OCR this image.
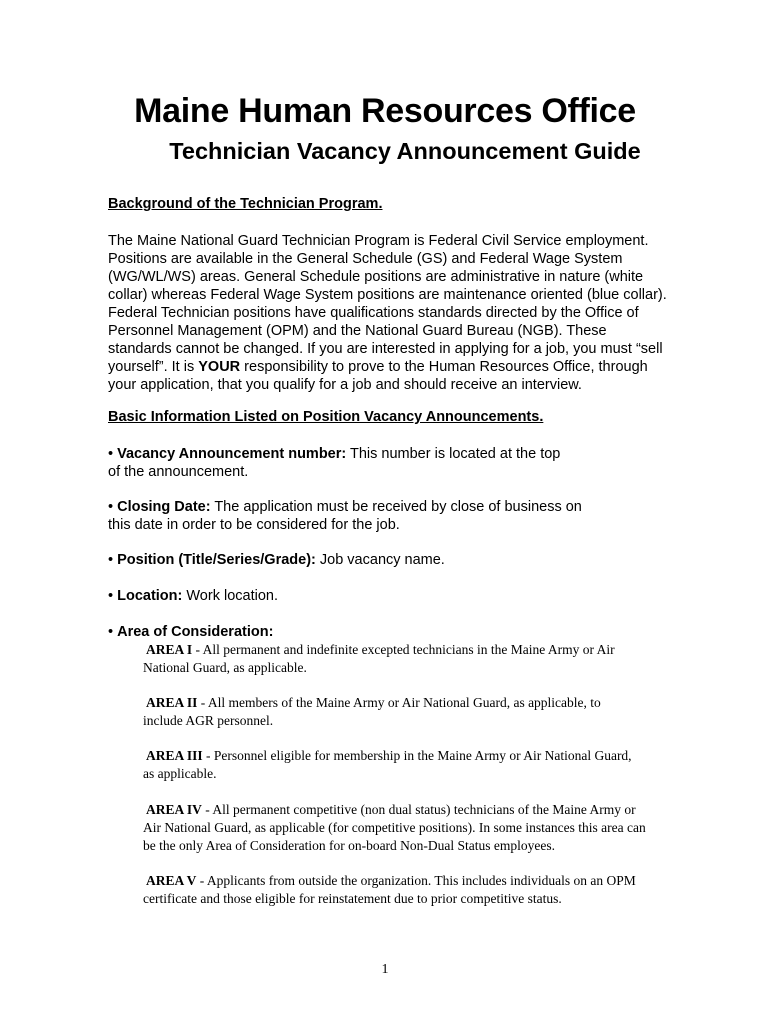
Maine Human Resources Office
Technician Vacancy Announcement Guide
Background of the Technician Program.

The Maine National Guard Technician Program is Federal Civil Service employment.

Positions are available in the General Schedule (GS) and Federal Wage System

(WG/WL/WS) areas. General Schedule positions are administrative in nature (white

collar) whereas Federal Wage System positions are maintenance oriented (blue collar).

Federal Technician positions have qualifications standards directed by the Office of

Personnel Management (OPM) and the National Guard Bureau (NGB). These

standards cannot be changed. If you are interested in applying for a job, you must “sell

yourself”. It is YOUR responsibility to prove to the Human Resources Office, through

your application, that you qualify for a job and should receive an interview.

Basic Information Listed on Position Vacancy Announcements.

• Vacancy Announcement number: This number is located at the top

of the announcement.

• Closing Date: The application must be received by close of business on

this date in order to be considered for the job.

• Position (Title/Series/Grade): Job vacancy name.

• Location: Work location.

• Area of Consideration:

AREA I - All permanent and indefinite excepted technicians in the Maine Army or Air

National Guard, as applicable.

AREA II - All members of the Maine Army or Air National Guard, as applicable, to

include AGR personnel.

AREA III - Personnel eligible for membership in the Maine Army or Air National Guard,

as applicable.

AREA IV - All permanent competitive (non dual status) technicians of the Maine Army or

Air National Guard, as applicable (for competitive positions). In some instances this area can

be the only Area of Consideration for on-board Non-Dual Status employees.

AREA V - Applicants from outside the organization. This includes individuals on an OPM

certificate and those eligible for reinstatement due to prior competitive status.

1
